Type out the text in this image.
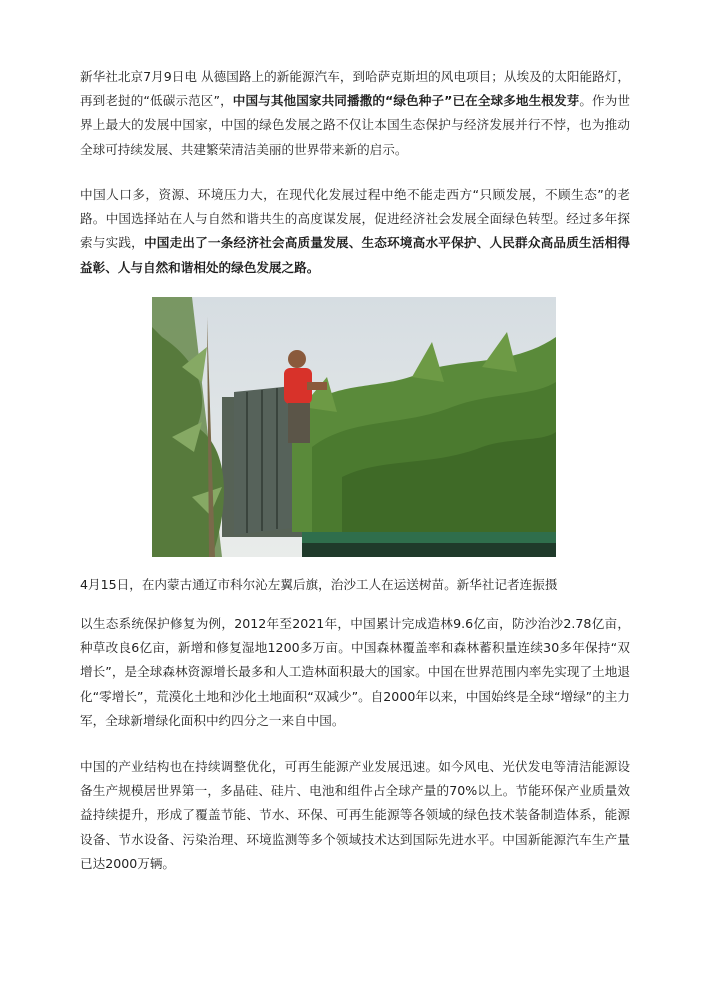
新华社北京7月9日电 从德国路上的新能源汽车，到哈萨克斯坦的风电项目；从埃及的太阳能路灯，再到老挝的“低碳示范区”，中国与其他国家共同播撒的“绿色种子”已在全球多地生根发芽。作为世界上最大的发展中国家，中国的绿色发展之路不仅让本国生态保护与经济发展并行不悖，也为推动全球可持续发展、共建繁荣清洁美丽的世界带来新的启示。

中国人口多，资源、环境压力大，在现代化发展过程中绝不能走西方“只顾发展，不顾生态”的老路。中国选择站在人与自然和谐共生的高度谋发展，促进经济社会发展全面绿色转型。经过多年探索与实践，中国走出了一条经济社会高质量发展、生态环境高水平保护、人民群众高品质生活相得益彰、人与自然和谐相处的绿色发展之路。

4月15日，在内蒙古通辽市科尔沁左翼后旗，治沙工人在运送树苗。新华社记者连振摄

以生态系统保护修复为例，2012年至2021年，中国累计完成造林9.6亿亩，防沙治沙2.78亿亩，种草改良6亿亩，新增和修复湿地1200多万亩。中国森林覆盖率和森林蓄积量连续30多年保持“双增长”，是全球森林资源增长最多和人工造林面积最大的国家。中国在世界范围内率先实现了土地退化“零增长”，荒漠化土地和沙化土地面积“双减少”。自2000年以来，中国始终是全球“增绿”的主力军，全球新增绿化面积中约四分之一来自中国。

中国的产业结构也在持续调整优化，可再生能源产业发展迅速。如今风电、光伏发电等清洁能源设备生产规模居世界第一，多晶硅、硅片、电池和组件占全球产量的70%以上。节能环保产业质量效益持续提升，形成了覆盖节能、节水、环保、可再生能源等各领域的绿色技术装备制造体系，能源设备、节水设备、污染治理、环境监测等多个领域技术达到国际先进水平。中国新能源汽车生产量已达2000万辆。
